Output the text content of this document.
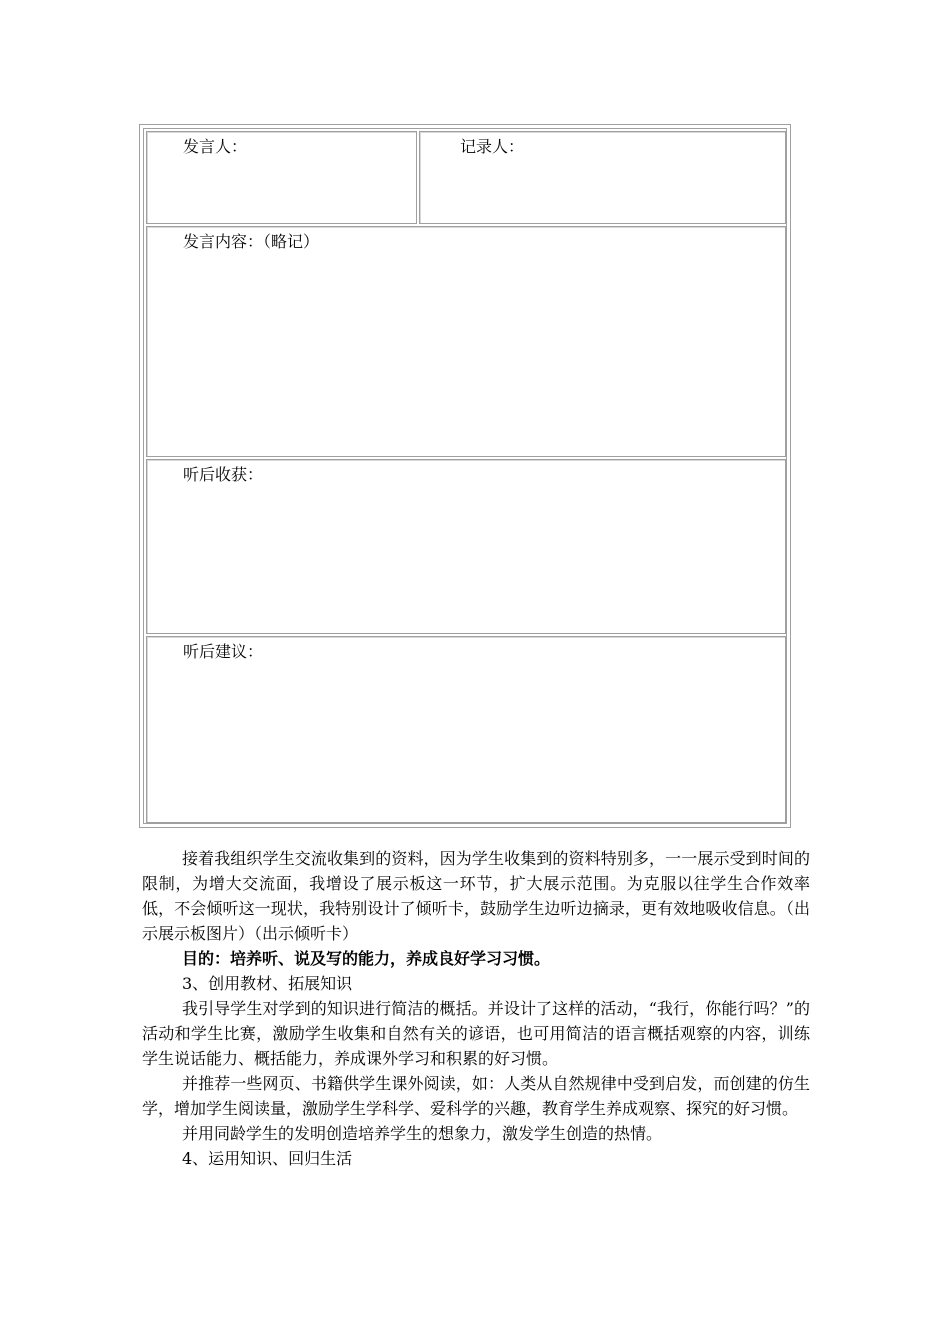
发言人：	记录人：
发言内容：（略记）
听后收获：
听后建议：

接着我组织学生交流收集到的资料，因为学生收集到的资料特别多，一一展示受到时间的限制，为增大交流面，我增设了展示板这一环节，扩大展示范围。为克服以往学生合作效率低，不会倾听这一现状，我特别设计了倾听卡，鼓励学生边听边摘录，更有效地吸收信息。（出示展示板图片）（出示倾听卡）

目的：培养听、说及写的能力，养成良好学习习惯。

3、创用教材、拓展知识

我引导学生对学到的知识进行简洁的概括。并设计了这样的活动，“我行，你能行吗？”的活动和学生比赛，激励学生收集和自然有关的谚语，也可用简洁的语言概括观察的内容，训练学生说话能力、概括能力，养成课外学习和积累的好习惯。

并推荐一些网页、书籍供学生课外阅读，如：人类从自然规律中受到启发，而创建的仿生学，增加学生阅读量，激励学生学科学、爱科学的兴趣，教育学生养成观察、探究的好习惯。

并用同龄学生的发明创造培养学生的想象力，激发学生创造的热情。

4、运用知识、回归生活
